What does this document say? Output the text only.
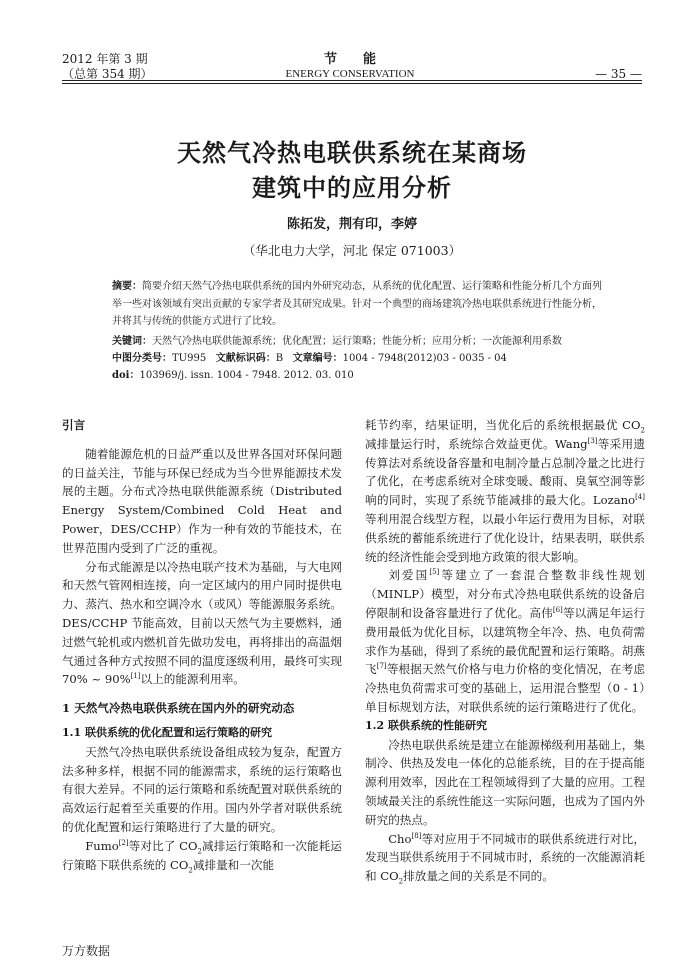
2012 年第 3 期
（总第 354 期）
节　　能
ENERGY CONSERVATION	— 35 —
天然气冷热电联供系统在某商场
建筑中的应用分析
陈拓发，荆有印，李婷
（华北电力大学，河北 保定 071003）
摘要：简要介绍天然气冷热电联供系统的国内外研究动态，从系统的优化配置、运行策略和性能分析几个方面列举一些对该领域有突出贡献的专家学者及其研究成果。针对一个典型的商场建筑冷热电联供系统进行性能分析，并将其与传统的供能方式进行了比较。
关键词：天然气冷热电联供能源系统；优化配置；运行策略；性能分析；应用分析；一次能源利用系数
中图分类号：TU995 文献标识码：B 文章编号：1004 - 7948(2012)03 - 0035 - 04
doi：103969/j. issn. 1004 - 7948. 2012. 03. 010

引言

随着能源危机的日益严重以及世界各国对环保问题的日益关注，节能与环保已经成为当今世界能源技术发展的主题。分布式冷热电联供能源系统（Distributed Energy System/Combined Cold Heat and Power，DES/CCHP）作为一种有效的节能技术，在世界范围内受到了广泛的重视。

分布式能源是以冷热电联产技术为基础，与大电网和天然气管网相连接，向一定区域内的用户同时提供电力、蒸汽、热水和空调冷水（或风）等能源服务系统。DES/CCHP 节能高效，目前以天然气为主要燃料，通过燃气轮机或内燃机首先做功发电，再将排出的高温烟气通过各种方式按照不同的温度逐级利用，最终可实现 70% ~ 90%[1]以上的能源利用率。

1 天然气冷热电联供系统在国内外的研究动态

1.1 联供系统的优化配置和运行策略的研究

天然气冷热电联供系统设备组成较为复杂，配置方法多种多样，根据不同的能源需求，系统的运行策略也有很大差异。不同的运行策略和系统配置对联供系统的高效运行起着至关重要的作用。国内外学者对联供系统的优化配置和运行策略进行了大量的研究。

Fumo[2]等对比了 $CO_2$减排运行策略和一次能耗运行策略下联供系统的 $CO_2$减排量和一次能

耗节约率，结果证明，当优化后的系统根据最优 $CO_2$减排量运行时，系统综合效益更优。Wang[3]等采用遗传算法对系统设备容量和电制冷量占总制冷量之比进行了优化，在考虑系统对全球变暖、酸雨、臭氧空洞等影响的同时，实现了系统节能减排的最大化。Lozano[4]等利用混合线型方程，以最小年运行费用为目标，对联供系统的蓄能系统进行了优化设计，结果表明，联供系统的经济性能会受到地方政策的很大影响。

刘爱国[5]等建立了一套混合整数非线性规划（MINLP）模型，对分布式冷热电联供系统的设备启停限制和设备容量进行了优化。高伟[6]等以满足年运行费用最低为优化目标，以建筑物全年冷、热、电负荷需求作为基础，得到了系统的最优配置和运行策略。胡燕飞[7]等根据天然气价格与电力价格的变化情况，在考虑冷热电负荷需求可变的基础上，运用混合整型（0 - 1）单目标规划方法，对联供系统的运行策略进行了优化。

1.2 联供系统的性能研究

冷热电联供系统是建立在能源梯级利用基础上，集制冷、供热及发电一体化的总能系统，目的在于提高能源利用效率，因此在工程领域得到了大量的应用。工程领域最关注的系统性能这一实际问题，也成为了国内外研究的热点。

Cho[8]等对应用于不同城市的联供系统进行对比，发现当联供系统用于不同城市时，系统的一次能源消耗和 $CO_2$排放量之间的关系是不同的。

万方数据
